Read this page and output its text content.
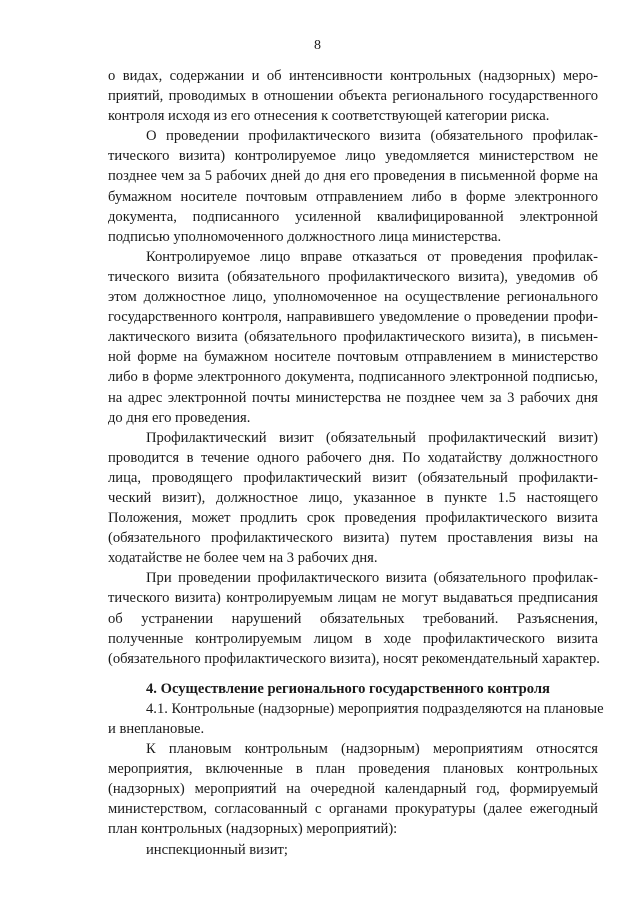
8
о видах, содержании и об интенсивности контрольных (надзорных) меро-
приятий, проводимых в отношении объекта регионального государственного
контроля исходя из его отнесения к соответствующей категории риска.
О проведении профилактического визита (обязательного профилак-
тического визита) контролируемое лицо уведомляется министерством не
позднее чем за 5 рабочих дней до дня его проведения в письменной форме на
бумажном носителе почтовым отправлением либо в форме электронного
документа, подписанного усиленной квалифицированной электронной
подписью уполномоченного должностного лица министерства.
Контролируемое лицо вправе отказаться от проведения профилак-
тического визита (обязательного профилактического визита), уведомив об
этом должностное лицо, уполномоченное на осуществление регионального
государственного контроля, направившего уведомление о проведении профи-
лактического визита (обязательного профилактического визита), в письмен-
ной форме на бумажном носителе почтовым отправлением в министерство
либо в форме электронного документа, подписанного электронной подписью,
на адрес электронной почты министерства не позднее чем за 3 рабочих дня
до дня его проведения.
Профилактический визит (обязательный профилактический визит)
проводится в течение одного рабочего дня. По ходатайству должностного
лица, проводящего профилактический визит (обязательный профилакти-
ческий визит), должностное лицо, указанное в пункте 1.5 настоящего
Положения, может продлить срок проведения профилактического визита
(обязательного профилактического визита) путем проставления визы на
ходатайстве не более чем на 3 рабочих дня.
При проведении профилактического визита (обязательного профилак-
тического визита) контролируемым лицам не могут выдаваться предписания
об устранении нарушений обязательных требований. Разъяснения,
полученные контролируемым лицом в ходе профилактического визита
(обязательного профилактического визита), носят рекомендательный характер.
4. Осуществление регионального государственного контроля
4.1. Контрольные (надзорные) мероприятия подразделяются на плановые
и внеплановые.
К плановым контрольным (надзорным) мероприятиям относятся
мероприятия, включенные в план проведения плановых контрольных
(надзорных) мероприятий на очередной календарный год, формируемый
министерством, согласованный с органами прокуратуры (далее ежегодный
план контрольных (надзорных) мероприятий):
инспекционный визит;
